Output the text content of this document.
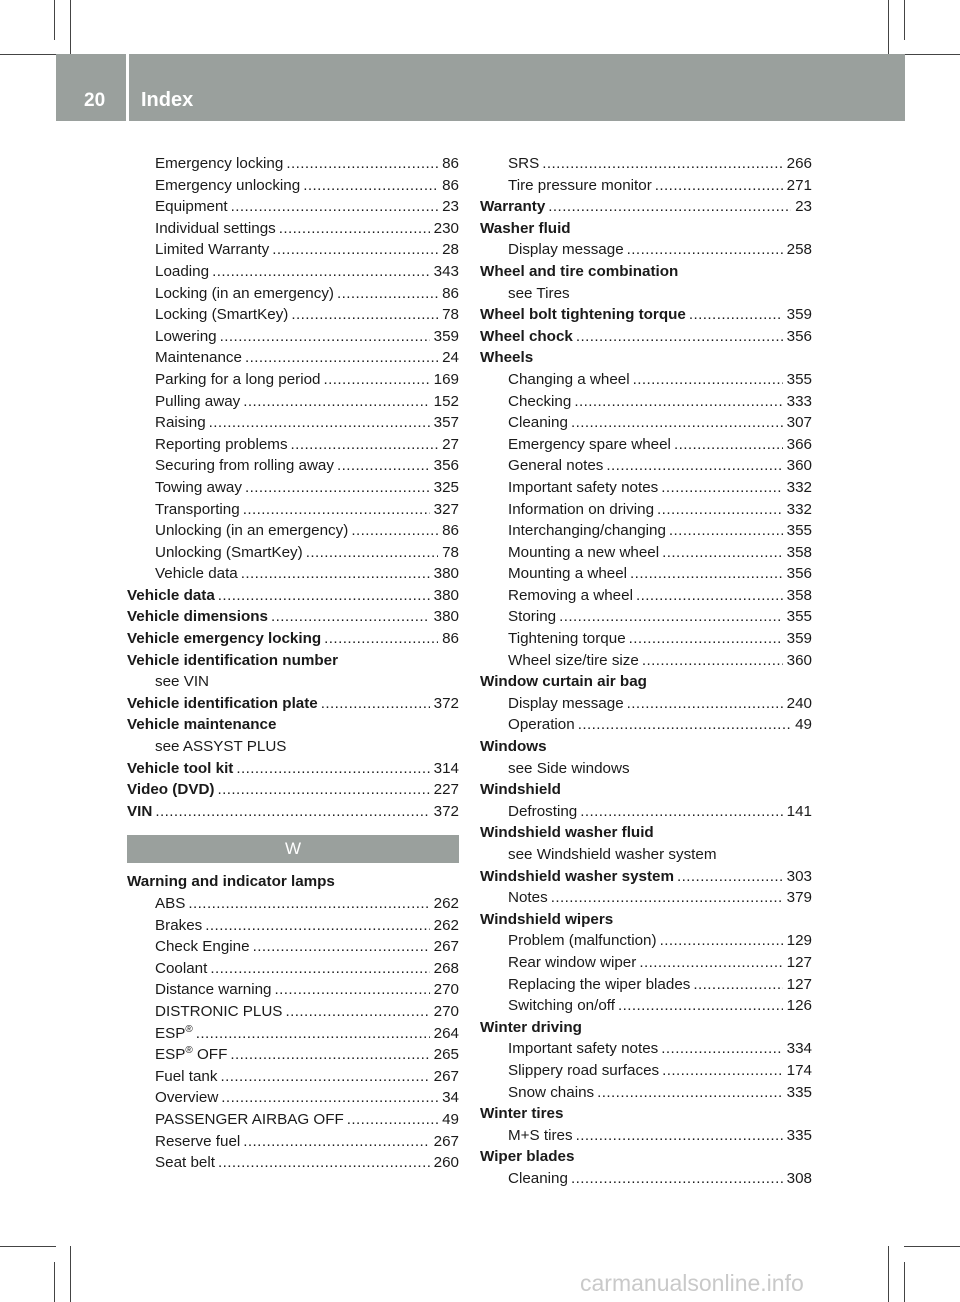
20 Index
Emergency locking . . .	86
Emergency unlocking . . .	86
Equipment . . .	23
Individual settings . . .	230
Limited Warranty . . .	28
Loading . . .	343
Locking (in an emergency) . . .	86
Locking (SmartKey) . . .	78
Lowering . . .	359
Maintenance . . .	24
Parking for a long period . . .	169
Pulling away . . .	152
Raising . . .	357
Reporting problems . . .	27
Securing from rolling away . . .	356
Towing away . . .	325
Transporting . . .	327
Unlocking (in an emergency) . . .	86
Unlocking (SmartKey) . . .	78
Vehicle data . . .	380
Vehicle data . . .	380
Vehicle dimensions . . .	380
Vehicle emergency locking . . .	86
Vehicle identification number
see VIN
Vehicle identification plate . . .	372
Vehicle maintenance
see ASSYST PLUS
Vehicle tool kit . . .	314
Video (DVD) . . .	227
VIN . . .	372
W
Warning and indicator lamps
ABS . . .	262
Brakes . . .	262
Check Engine . . .	267
Coolant . . .	268
Distance warning . . .	270
DISTRONIC PLUS . . .	270
ESP® . . .	264
ESP® OFF . . .	265
Fuel tank . . .	267
Overview . . .	34
PASSENGER AIRBAG OFF . . .	49
Reserve fuel . . .	267
Seat belt . . .	260
SRS . . .	266
Tire pressure monitor . . .	271
Warranty . . .	23
Washer fluid
Display message . . .	258
Wheel and tire combination
see Tires
Wheel bolt tightening torque . . .	359
Wheel chock . . .	356
Wheels
Changing a wheel . . .	355
Checking . . .	333
Cleaning . . .	307
Emergency spare wheel . . .	366
General notes . . .	360
Important safety notes . . .	332
Information on driving . . .	332
Interchanging/changing . . .	355
Mounting a new wheel . . .	358
Mounting a wheel . . .	356
Removing a wheel . . .	358
Storing . . .	355
Tightening torque . . .	359
Wheel size/tire size . . .	360
Window curtain air bag
Display message . . .	240
Operation . . .	49
Windows
see Side windows
Windshield
Defrosting . . .	141
Windshield washer fluid
see Windshield washer system
Windshield washer system . . .	303
Notes . . .	379
Windshield wipers
Problem (malfunction) . . .	129
Rear window wiper . . .	127
Replacing the wiper blades . . .	127
Switching on/off . . .	126
Winter driving
Important safety notes . . .	334
Slippery road surfaces . . .	174
Snow chains . . .	335
Winter tires
M+S tires . . .	335
Wiper blades
Cleaning . . .	308
carmanualsonline.info
